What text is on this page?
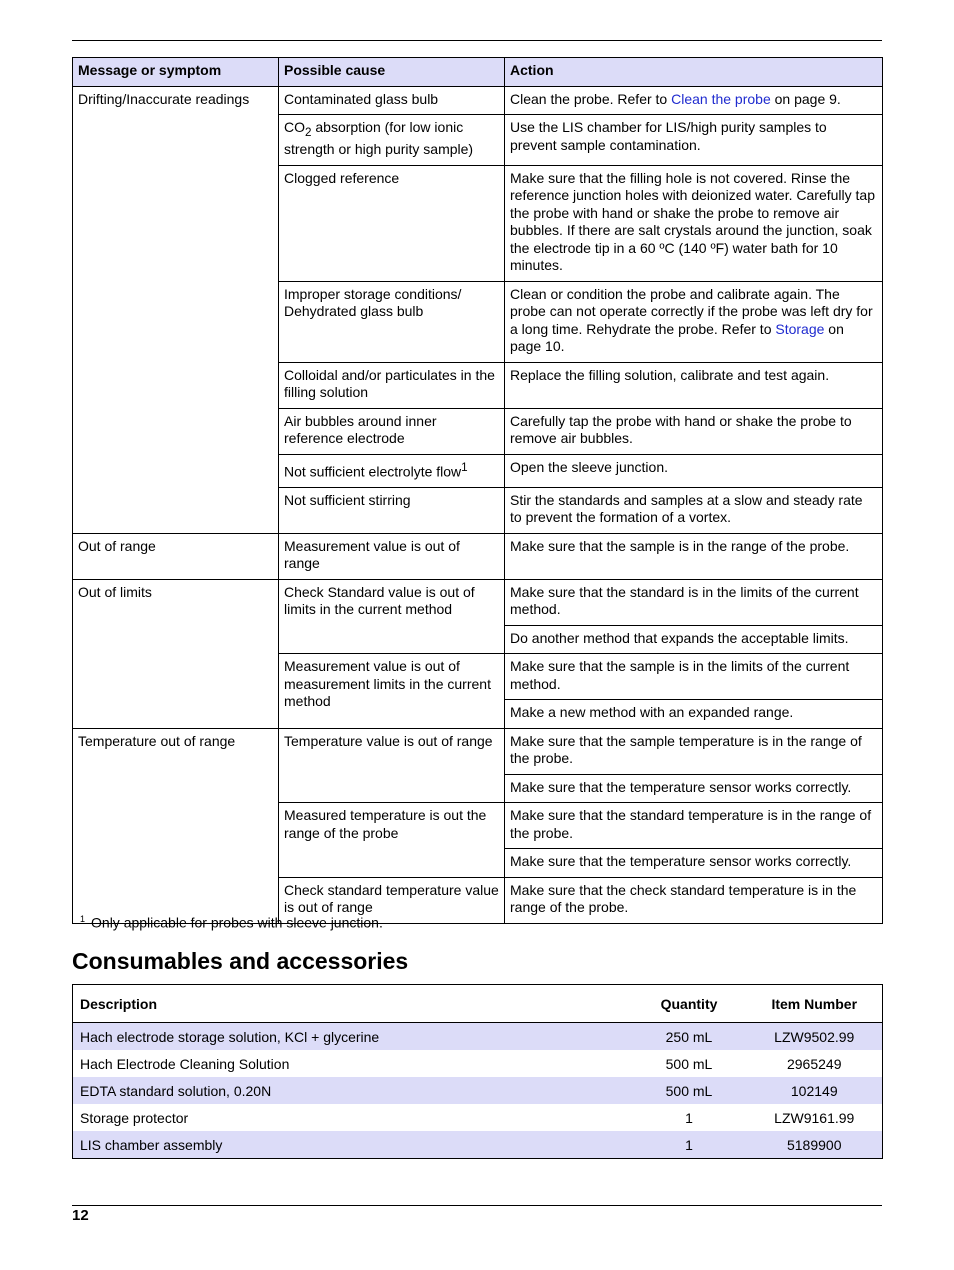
Message or symptom	Possible cause	Action
Drifting/Inaccurate readings	Contaminated glass bulb	Clean the probe. Refer to Clean the probe on page 9.
	$CO_2$ absorption (for low ionic strength or high purity sample)	Use the LIS chamber for LIS/high purity samples to prevent sample contamination.
	Clogged reference	Make sure that the filling hole is not covered. Rinse the reference junction holes with deionized water. Carefully tap the probe with hand or shake the probe to remove air bubbles. If there are salt crystals around the junction, soak the electrode tip in a 60 ºC (140 ºF) water bath for 10 minutes.
	Improper storage conditions/ Dehydrated glass bulb	Clean or condition the probe and calibrate again. The probe can not operate correctly if the probe was left dry for a long time. Rehydrate the probe. Refer to Storage on page 10.
	Colloidal and/or particulates in the filling solution	Replace the filling solution, calibrate and test again.
	Air bubbles around inner reference electrode	Carefully tap the probe with hand or shake the probe to remove air bubbles.
	Not sufficient electrolyte flow$^1$	Open the sleeve junction.
	Not sufficient stirring	Stir the standards and samples at a slow and steady rate to prevent the formation of a vortex.
Out of range	Measurement value is out of range	Make sure that the sample is in the range of the probe.
Out of limits	Check Standard value is out of limits in the current method	Make sure that the standard is in the limits of the current method.
		Do another method that expands the acceptable limits.
	Measurement value is out of measurement limits in the current method	Make sure that the sample is in the limits of the current method.
		Make a new method with an expanded range.
Temperature out of range	Temperature value is out of range	Make sure that the sample temperature is in the range of the probe.
		Make sure that the temperature sensor works correctly.
	Measured temperature is out the range of the probe	Make sure that the standard temperature is in the range of the probe.
		Make sure that the temperature sensor works correctly.
	Check standard temperature value is out of range	Make sure that the check standard temperature is in the range of the probe.
$^1$ Only applicable for probes with sleeve junction.
Consumables and accessories
Description	Quantity	Item Number
Hach electrode storage solution, KCl + glycerine	250 mL	LZW9502.99
Hach Electrode Cleaning Solution	500 mL	2965249
EDTA standard solution, 0.20N	500 mL	102149
Storage protector	1	LZW9161.99
LIS chamber assembly	1	5189900
12
